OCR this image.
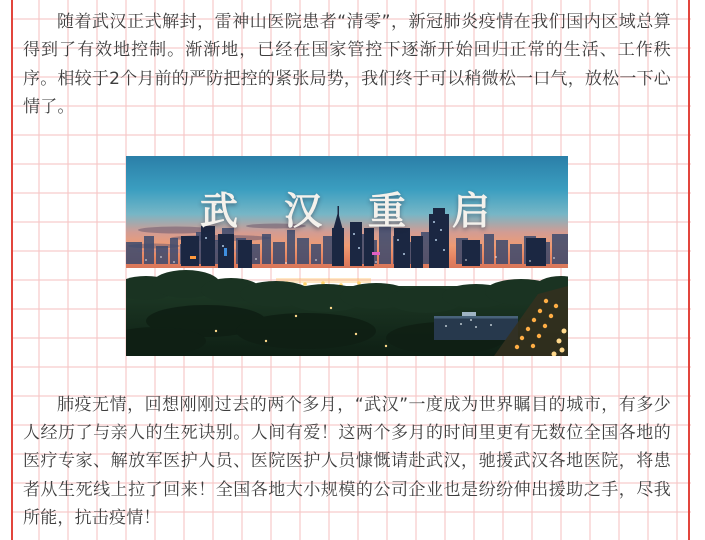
随着武汉正式解封，雷神山医院患者“清零”，新冠肺炎疫情在我们国内区域总算得到了有效地控制。渐渐地，已经在国家管控下逐渐开始回归正常的生活、工作秩序。相较于2个月前的严防把控的紧张局势，我们终于可以稍微松一口气，放松一下心情了。

武　汉　重　启

肺疫无情，回想刚刚过去的两个多月，“武汉”一度成为世界瞩目的城市，有多少人经历了与亲人的生死诀别。人间有爱！这两个多月的时间里更有无数位全国各地的医疗专家、解放军医护人员、医院医护人员慷慨请赴武汉，驰援武汉各地医院，将患者从生死线上拉了回来！全国各地大小规模的公司企业也是纷纷伸出援助之手，尽我所能，抗击疫情！
